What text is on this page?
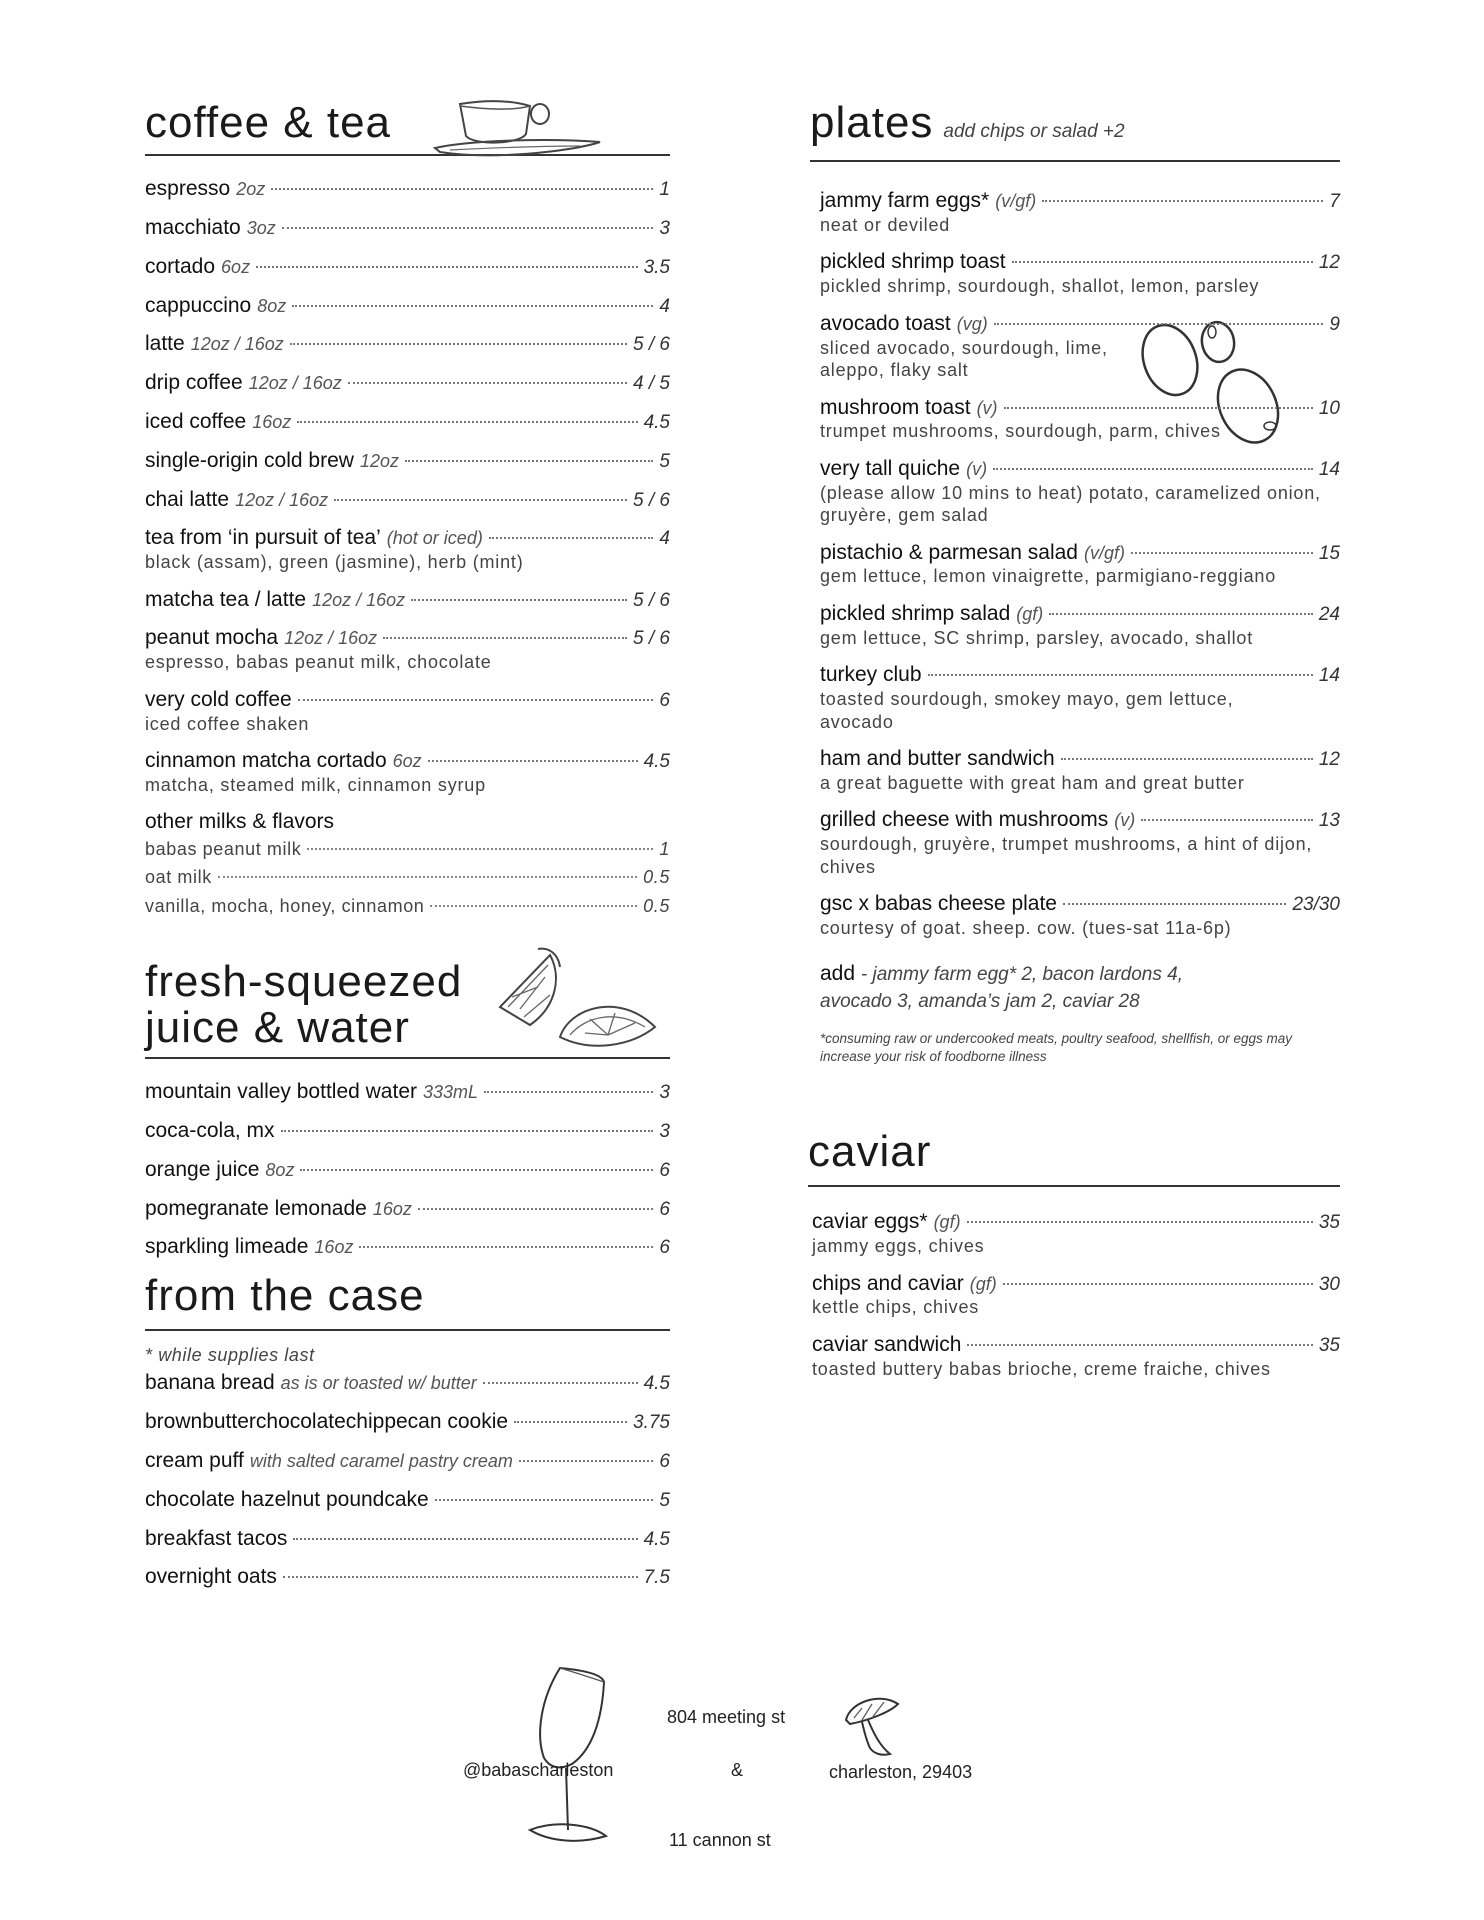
coffee & tea
espresso 2oz	1
macchiato 3oz	3
cortado 6oz	3.5
cappuccino 8oz	4
latte 12oz / 16oz	5 / 6
drip coffee 12oz / 16oz	4 / 5
iced coffee 16oz	4.5
single-origin cold brew 12oz	5
chai latte 12oz / 16oz	5 / 6
tea from ‘in pursuit of tea’ (hot or iced)	4
black (assam), green (jasmine), herb (mint)
matcha tea / latte 12oz / 16oz	5 / 6
peanut mocha 12oz / 16oz	5 / 6
espresso, babas peanut milk, chocolate
very cold coffee	6
iced coffee shaken
cinnamon matcha cortado 6oz	4.5
matcha, steamed milk, cinnamon syrup
other milks & flavors
babas peanut milk	1
oat milk	0.5
vanilla, mocha, honey, cinnamon	0.5
fresh-squeezed
juice & water
mountain valley bottled water 333mL	3
coca-cola, mx	3
orange juice 8oz	6
pomegranate lemonade 16oz	6
sparkling limeade 16oz	6
from the case
* while supplies last
banana bread as is or toasted w/ butter	4.5
brownbutterchocolatechippecan cookie	3.75
cream puff with salted caramel pastry cream	6
chocolate hazelnut poundcake	5
breakfast tacos	4.5
overnight oats	7.5
plates add chips or salad +2
jammy farm eggs* (v/gf)	7
neat or deviled
pickled shrimp toast	12
pickled shrimp, sourdough, shallot, lemon, parsley
avocado toast (vg)	9
sliced avocado, sourdough, lime, aleppo, flaky salt
mushroom toast (v)	10
trumpet mushrooms, sourdough, parm, chives
very tall quiche (v)	14
(please allow 10 mins to heat) potato, caramelized onion, gruyère, gem salad
pistachio & parmesan salad (v/gf)	15
gem lettuce, lemon vinaigrette, parmigiano-reggiano
pickled shrimp salad (gf)	24
gem lettuce, SC shrimp, parsley, avocado, shallot
turkey club	14
toasted sourdough, smokey mayo, gem lettuce, avocado
ham and butter sandwich	12
a great baguette with great ham and great butter
grilled cheese with mushrooms (v)	13
sourdough, gruyère, trumpet mushrooms, a hint of dijon, chives
gsc x babas cheese plate	23/30
courtesy of goat. sheep. cow. (tues-sat 11a-6p)
add - jammy farm egg* 2, bacon lardons 4, avocado 3, amanda’s jam 2, caviar 28
*consuming raw or undercooked meats, poultry seafood, shellfish, or eggs may increase your risk of foodborne illness
caviar
caviar eggs* (gf)	35
jammy eggs, chives
chips and caviar (gf)	30
kettle chips, chives
caviar sandwich	35
toasted buttery babas brioche, creme fraiche, chives
@babascharleston
804 meeting st
&	charleston, 29403
11 cannon st
